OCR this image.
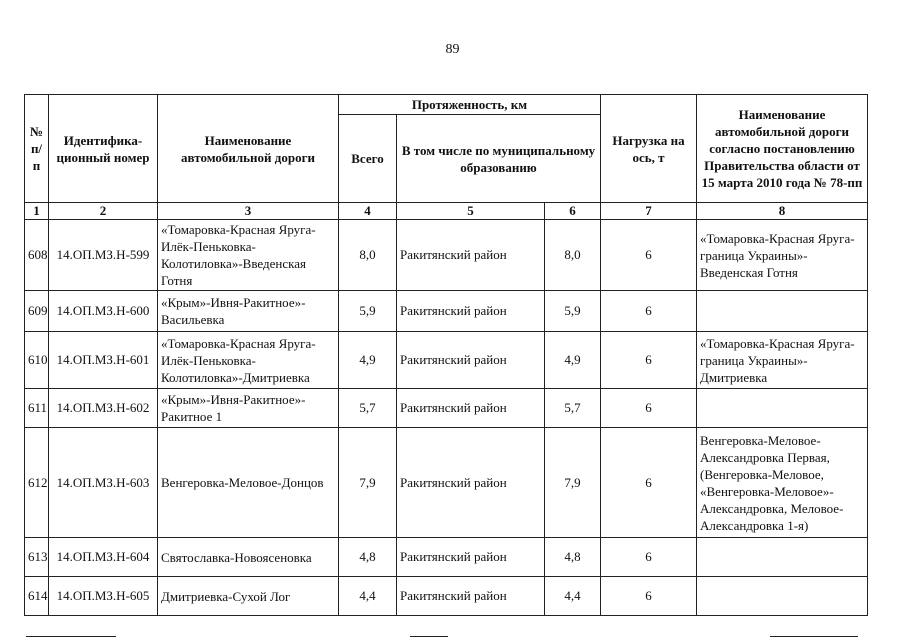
89
№ п/п	Идентифика-ционный номер	Наименование автомобильной дороги	Протяженность, км			Нагрузка на ось, т	Наименование автомобильной дороги согласно постановлению Правительства области от 15 марта 2010 года № 78-пп
			Всего	В том числе по муниципальному образованию			
1	2	3	4	5	6	7	8
608	14.ОП.МЗ.Н-599	«Томаровка-Красная Яруга-Илёк-Пеньковка-Колотиловка»-Введенская Готня	8,0	Ракитянский район	8,0	6	«Томаровка-Красная Яруга-граница Украины»-Введенская Готня
609	14.ОП.МЗ.Н-600	«Крым»-Ивня-Ракитное»-Васильевка	5,9	Ракитянский район	5,9	6	
610	14.ОП.МЗ.Н-601	«Томаровка-Красная Яруга-Илёк-Пеньковка-Колотиловка»-Дмитриевка	4,9	Ракитянский район	4,9	6	«Томаровка-Красная Яруга-граница Украины»-Дмитриевка
611	14.ОП.МЗ.Н-602	«Крым»-Ивня-Ракитное»-Ракитное 1	5,7	Ракитянский район	5,7	6	
612	14.ОП.МЗ.Н-603	Венгеровка-Меловое-Донцов	7,9	Ракитянский район	7,9	6	Венгеровка-Меловое-Александровка Первая, (Венгеровка-Меловое, «Венгеровка-Меловое»-Александровка, Меловое-Александровка 1-я)
613	14.ОП.МЗ.Н-604	Святославка-Новоясеновка	4,8	Ракитянский район	4,8	6	
614	14.ОП.МЗ.Н-605	Дмитриевка-Сухой Лог	4,4	Ракитянский район	4,4	6	
